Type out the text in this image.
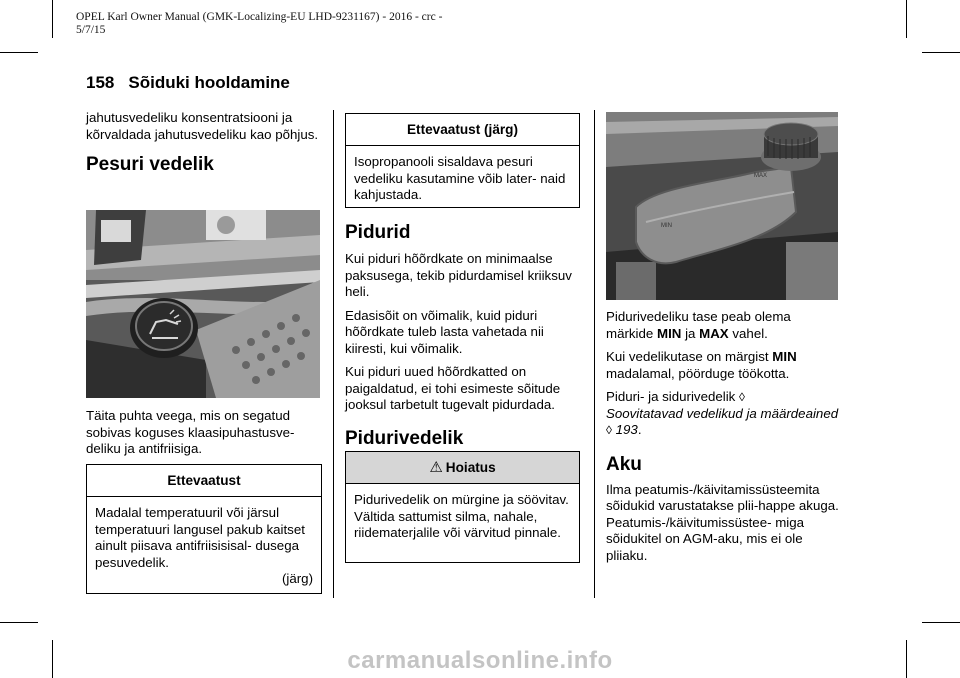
OPEL Karl Owner Manual (GMK-Localizing-EU LHD-9231167) - 2016 - crc -
5/7/15
158 Sõiduki hooldamine

jahutusvedeliku konsentratsiooni ja kõrvaldada jahutusvedeliku kao põhjus.

Pesuri vedelik

Täita puhta veega, mis on segatud sobivas koguses klaasipuhastusve- deliku ja antifriisiga.

Ettevaatust
Madalal temperatuuril või järsul temperatuuri langusel pakub kaitset ainult piisava antifriisisisal- dusega pesuvedelik.
(järg)
Ettevaatust (järg)
Isopropanooli sisaldava pesuri vedeliku kasutamine võib later- naid kahjustada.
Pidurid

Kui piduri hõõrdkate on minimaalse paksusega, tekib pidurdamisel kriiksuv heli.

Edasisõit on võimalik, kuid piduri hõõrdkate tuleb lasta vahetada nii kiiresti, kui võimalik.

Kui piduri uued hõõrdkatted on paigaldatud, ei tohi esimeste sõitude jooksul tarbetult tugevalt pidurdada.

Pidurivedelik
⚠ Hoiatus
Pidurivedelik on mürgine ja söövitav. Vältida sattumist silma, nahale, riidematerjalile või värvitud pinnale.
MAX
MIN

Pidurivedeliku tase peab olema märkide MIN ja MAX vahel.

Kui vedelikutase on märgist MIN madalamal, pöörduge töökotta.

Piduri- ja sidurivedelik ◊
Soovitatavad vedelikud ja määrdeained ◊ 193.

Aku

Ilma peatumis-/käivitamissüsteemita sõidukid varustatakse plii-happe akuga. Peatumis-/käivitumissüstee- miga sõidukitel on AGM-aku, mis ei ole pliiaku.

carmanualsonline.info
